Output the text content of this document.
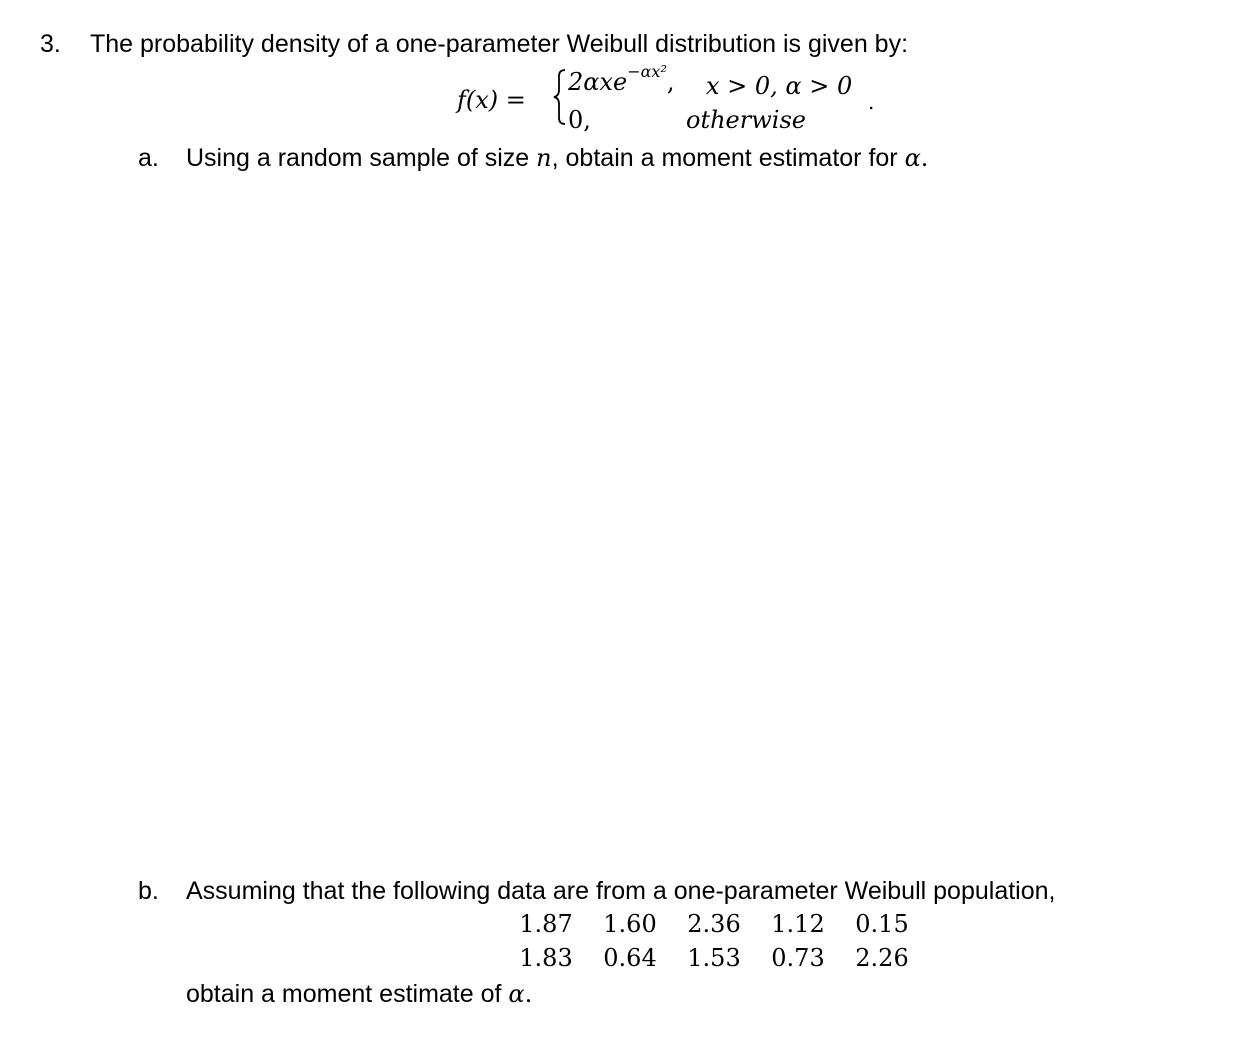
3. The probability density of a one-parameter Weibull distribution is given by:
f(x) =
2αxe$^{-\alpha x^2}$, x > 0, α > 0
.
0,	otherwise
a. Using a random sample of size n, obtain a moment estimator for α.
b. Assuming that the following data are from a one-parameter Weibull population,
1.87 1.60 2.36 1.12 0.15
1.83 0.64 1.53 0.73 2.26
obtain a moment estimate of α.
